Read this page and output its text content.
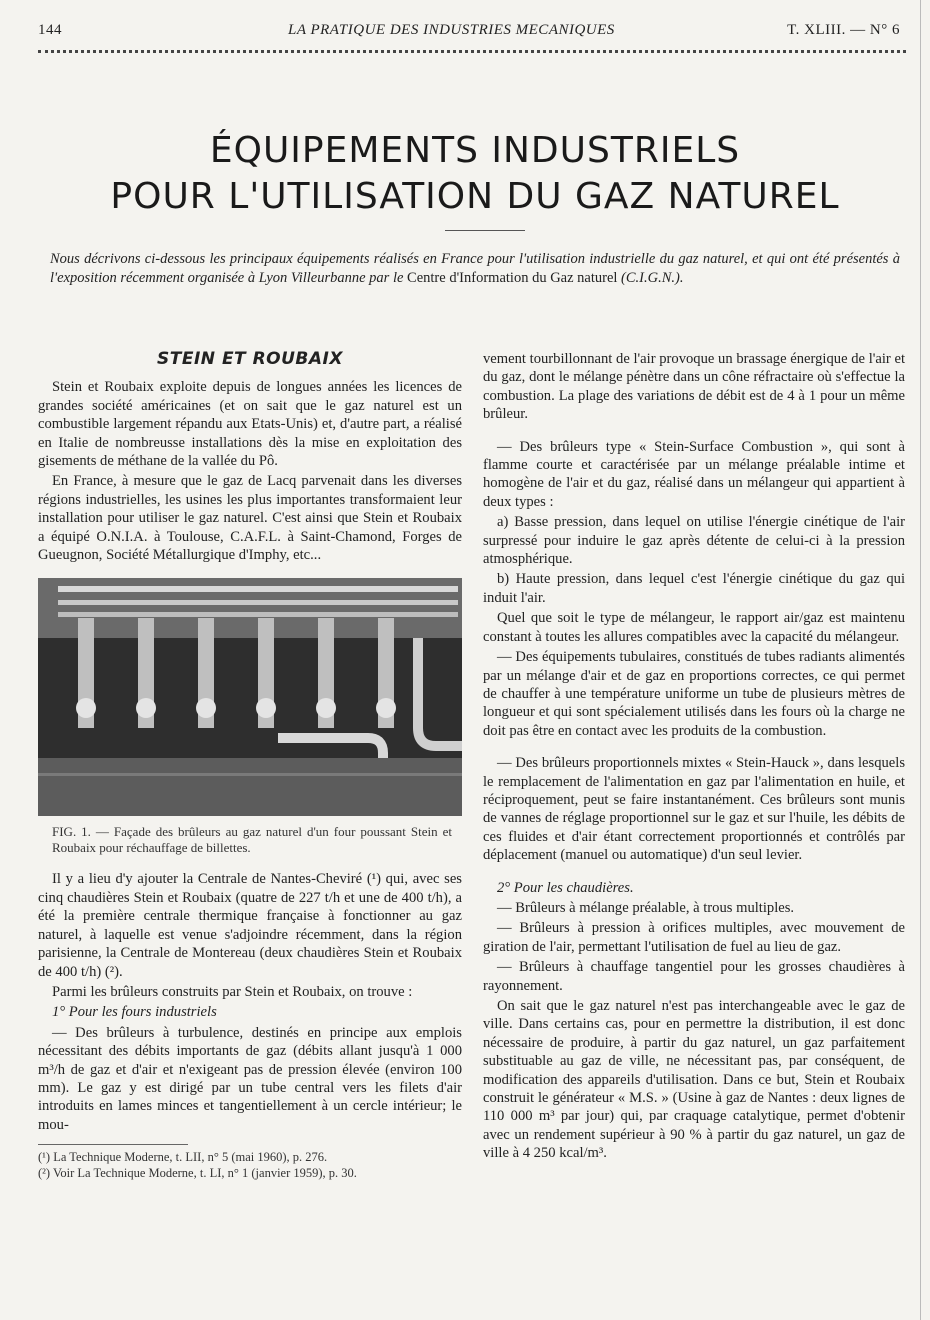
144	LA PRATIQUE DES INDUSTRIES MECANIQUES	T. XLIII. — N° 6
ÉQUIPEMENTS INDUSTRIELS
POUR L'UTILISATION DU GAZ NATUREL
Nous décrivons ci-dessous les principaux équipements réalisés en France pour l'utilisation industrielle du gaz naturel, et qui ont été présentés à l'exposition récemment organisée à Lyon Villeurbanne par le Centre d'Information du Gaz naturel (C.I.G.N.).
STEIN ET ROUBAIX

Stein et Roubaix exploite depuis de longues années les licences de grandes société américaines (et on sait que le gaz naturel est un combustible largement répandu aux Etats-Unis) et, d'autre part, a réalisé en Italie de nombreusse installations dès la mise en exploitation des gisements de méthane de la vallée du Pô.

En France, à mesure que le gaz de Lacq parvenait dans les diverses régions industrielles, les usines les plus importantes transformaient leur installation pour utiliser le gaz naturel. C'est ainsi que Stein et Roubaix a équipé O.N.I.A. à Toulouse, C.A.F.L. à Saint-Chamond, Forges de Gueugnon, Société Métallurgique d'Imphy, etc...

FIG. 1. — Façade des brûleurs au gaz naturel d'un four poussant Stein et Roubaix pour réchauffage de billettes.

Il y a lieu d'y ajouter la Centrale de Nantes-Cheviré (¹) qui, avec ses cinq chaudières Stein et Roubaix (quatre de 227 t/h et une de 400 t/h), a été la première centrale thermique française à fonctionner au gaz naturel, à laquelle est venue s'adjoindre récemment, dans la région parisienne, la Centrale de Montereau (deux chaudières Stein et Roubaix de 400 t/h) (²).

Parmi les brûleurs construits par Stein et Roubaix, on trouve :

1° Pour les fours industriels

— Des brûleurs à turbulence, destinés en principe aux emplois nécessitant des débits importants de gaz (débits allant jusqu'à 1 000 m³/h de gaz et d'air et n'exigeant pas de pression élevée (environ 100 mm). Le gaz y est dirigé par un tube central vers les filets d'air introduits en lames minces et tangentiellement à un cercle intérieur; le mou-

(¹) La Technique Moderne, t. LII, n° 5 (mai 1960), p. 276.
(²) Voir La Technique Moderne, t. LI, n° 1 (janvier 1959), p. 30.

vement tourbillonnant de l'air provoque un brassage énergique de l'air et du gaz, dont le mélange pénètre dans un cône réfractaire où s'effectue la combustion. La plage des variations de débit est de 4 à 1 pour un même brûleur.

— Des brûleurs type « Stein-Surface Combustion », qui sont à flamme courte et caractérisée par un mélange préalable intime et homogène de l'air et du gaz, réalisé dans un mélangeur qui appartient à deux types :

a) Basse pression, dans lequel on utilise l'énergie cinétique de l'air surpressé pour induire le gaz après détente de celui-ci à la pression atmosphérique.

b) Haute pression, dans lequel c'est l'énergie cinétique du gaz qui induit l'air.

Quel que soit le type de mélangeur, le rapport air/gaz est maintenu constant à toutes les allures compatibles avec la capacité du mélangeur.

— Des équipements tubulaires, constitués de tubes radiants alimentés par un mélange d'air et de gaz en proportions correctes, ce qui permet de chauffer à une température uniforme un tube de plusieurs mètres de longueur et qui sont spécialement utilisés dans les fours où la charge ne doit pas être en contact avec les produits de la combustion.

— Des brûleurs proportionnels mixtes « Stein-Hauck », dans lesquels le remplacement de l'alimentation en gaz par l'alimentation en huile, et réciproquement, peut se faire instantanément. Ces brûleurs sont munis de vannes de réglage proportionnel sur le gaz et sur l'huile, les débits de ces fluides et d'air étant correctement proportionnés et contrôlés par déplacement (manuel ou automatique) d'un seul levier.

2° Pour les chaudières.

— Brûleurs à mélange préalable, à trous multiples.

— Brûleurs à pression à orifices multiples, avec mouvement de giration de l'air, permettant l'utilisation de fuel au lieu de gaz.

— Brûleurs à chauffage tangentiel pour les grosses chaudières à rayonnement.

On sait que le gaz naturel n'est pas interchangeable avec le gaz de ville. Dans certains cas, pour en permettre la distribution, il est donc nécessaire de produire, à partir du gaz naturel, un gaz parfaitement substituable au gaz de ville, ne nécessitant pas, par conséquent, de modification des appareils d'utilisation. Dans ce but, Stein et Roubaix construit le générateur « M.S. » (Usine à gaz de Nantes : deux lignes de 110 000 m³ par jour) qui, par craquage catalytique, permet d'obtenir avec un rendement supérieur à 90 % à partir du gaz naturel, un gaz de ville à 4 250 kcal/m³.
